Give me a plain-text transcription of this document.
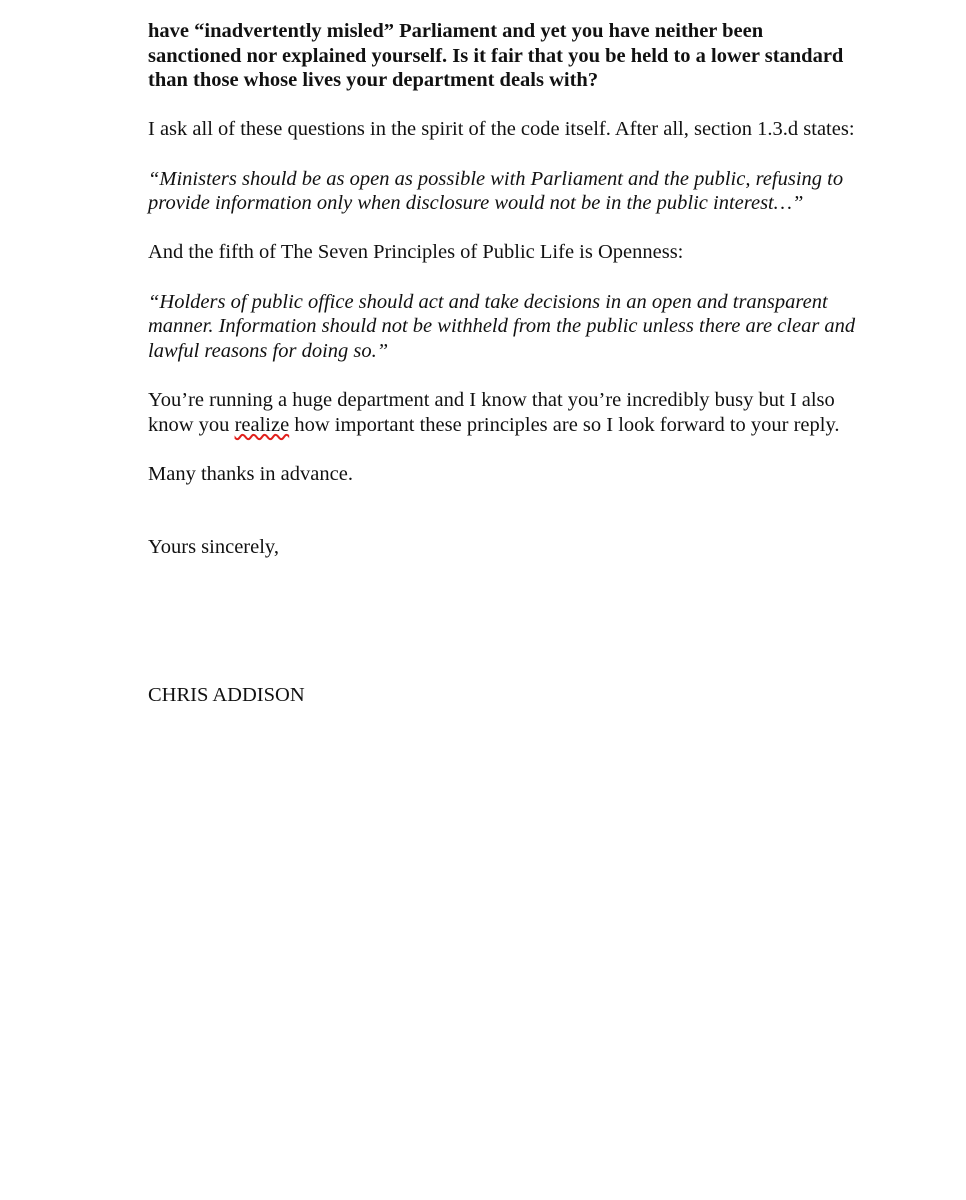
have “inadvertently misled” Parliament and yet you have neither been
sanctioned nor explained yourself. Is it fair that you be held to a lower standard
than those whose lives your department deals with?
I ask all of these questions in the spirit of the code itself. After all, section 1.3.d states:
“Ministers should be as open as possible with Parliament and the public, refusing to
provide information only when disclosure would not be in the public interest…”
And the fifth of The Seven Principles of Public Life is Openness:
“Holders of public office should act and take decisions in an open and transparent
manner. Information should not be withheld from the public unless there are clear and
lawful reasons for doing so.”
You’re running a huge department and I know that you’re incredibly busy but I also
know you realize how important these principles are so I look forward to your reply.
Many thanks in advance.
Yours sincerely,
CHRIS ADDISON
